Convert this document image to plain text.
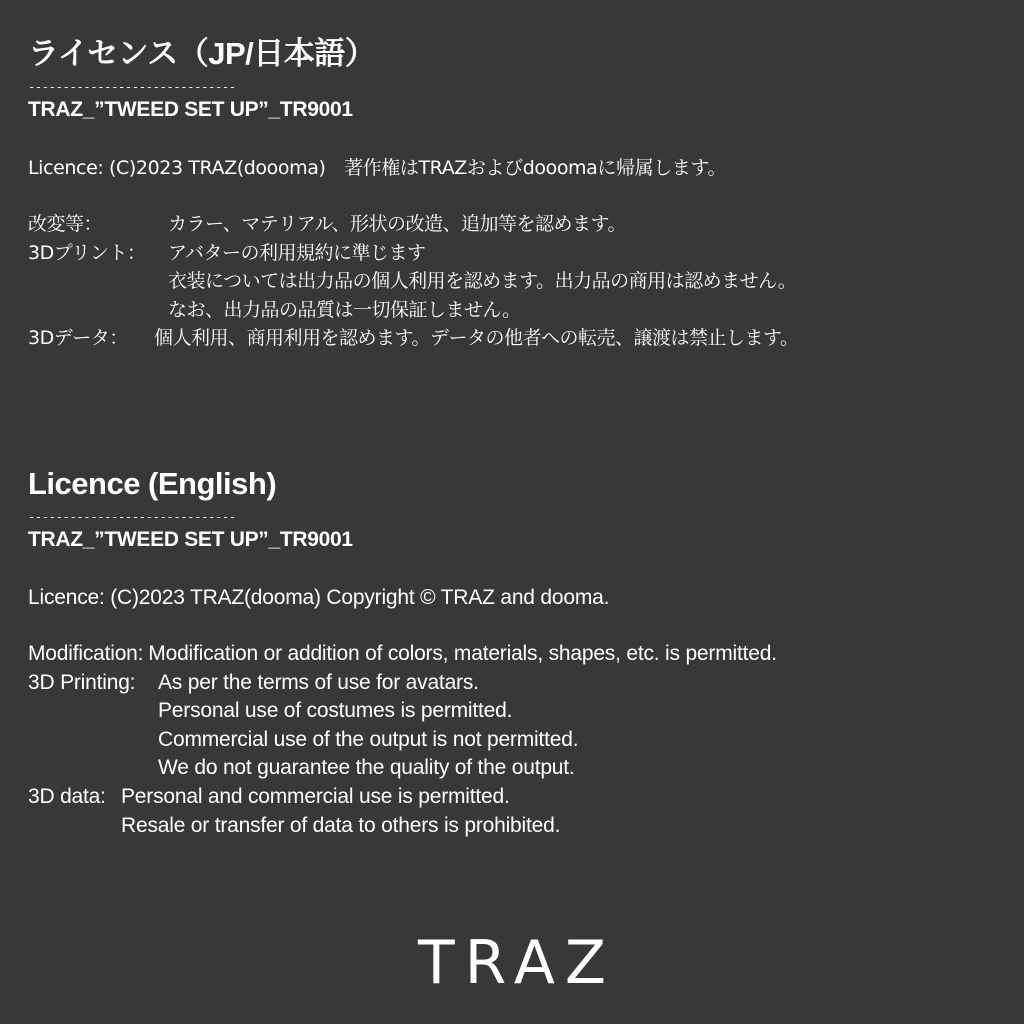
ライセンス（JP/日本語）
------------------------------
TRAZ_”TWEED SET UP”_TR9001
Licence: (C)2023 TRAZ(doooma)　著作権はTRAZおよびdooomaに帰属します。
改変等：	カラー、マテリアル、形状の改造、追加等を認めます。
3Dプリント：	アバターの利用規約に準じます
衣装については出力品の個人利用を認めます。出力品の商用は認めません。
なお、出力品の品質は一切保証しません。
3Dデータ：	個人利用、商用利用を認めます。データの他者への転売、譲渡は禁止します。
Licence (English)
------------------------------
TRAZ_”TWEED SET UP”_TR9001
Licence: (C)2023 TRAZ(dooma) Copyright © TRAZ and dooma.
Modification: Modification or addition of colors, materials, shapes, etc. is permitted.
3D Printing:	As per the terms of use for avatars.
Personal use of costumes is permitted.
Commercial use of the output is not permitted.
We do not guarantee the quality of the output.
3D data: Personal and commercial use is permitted.
Resale or transfer of data to others is prohibited.
TRAZ
